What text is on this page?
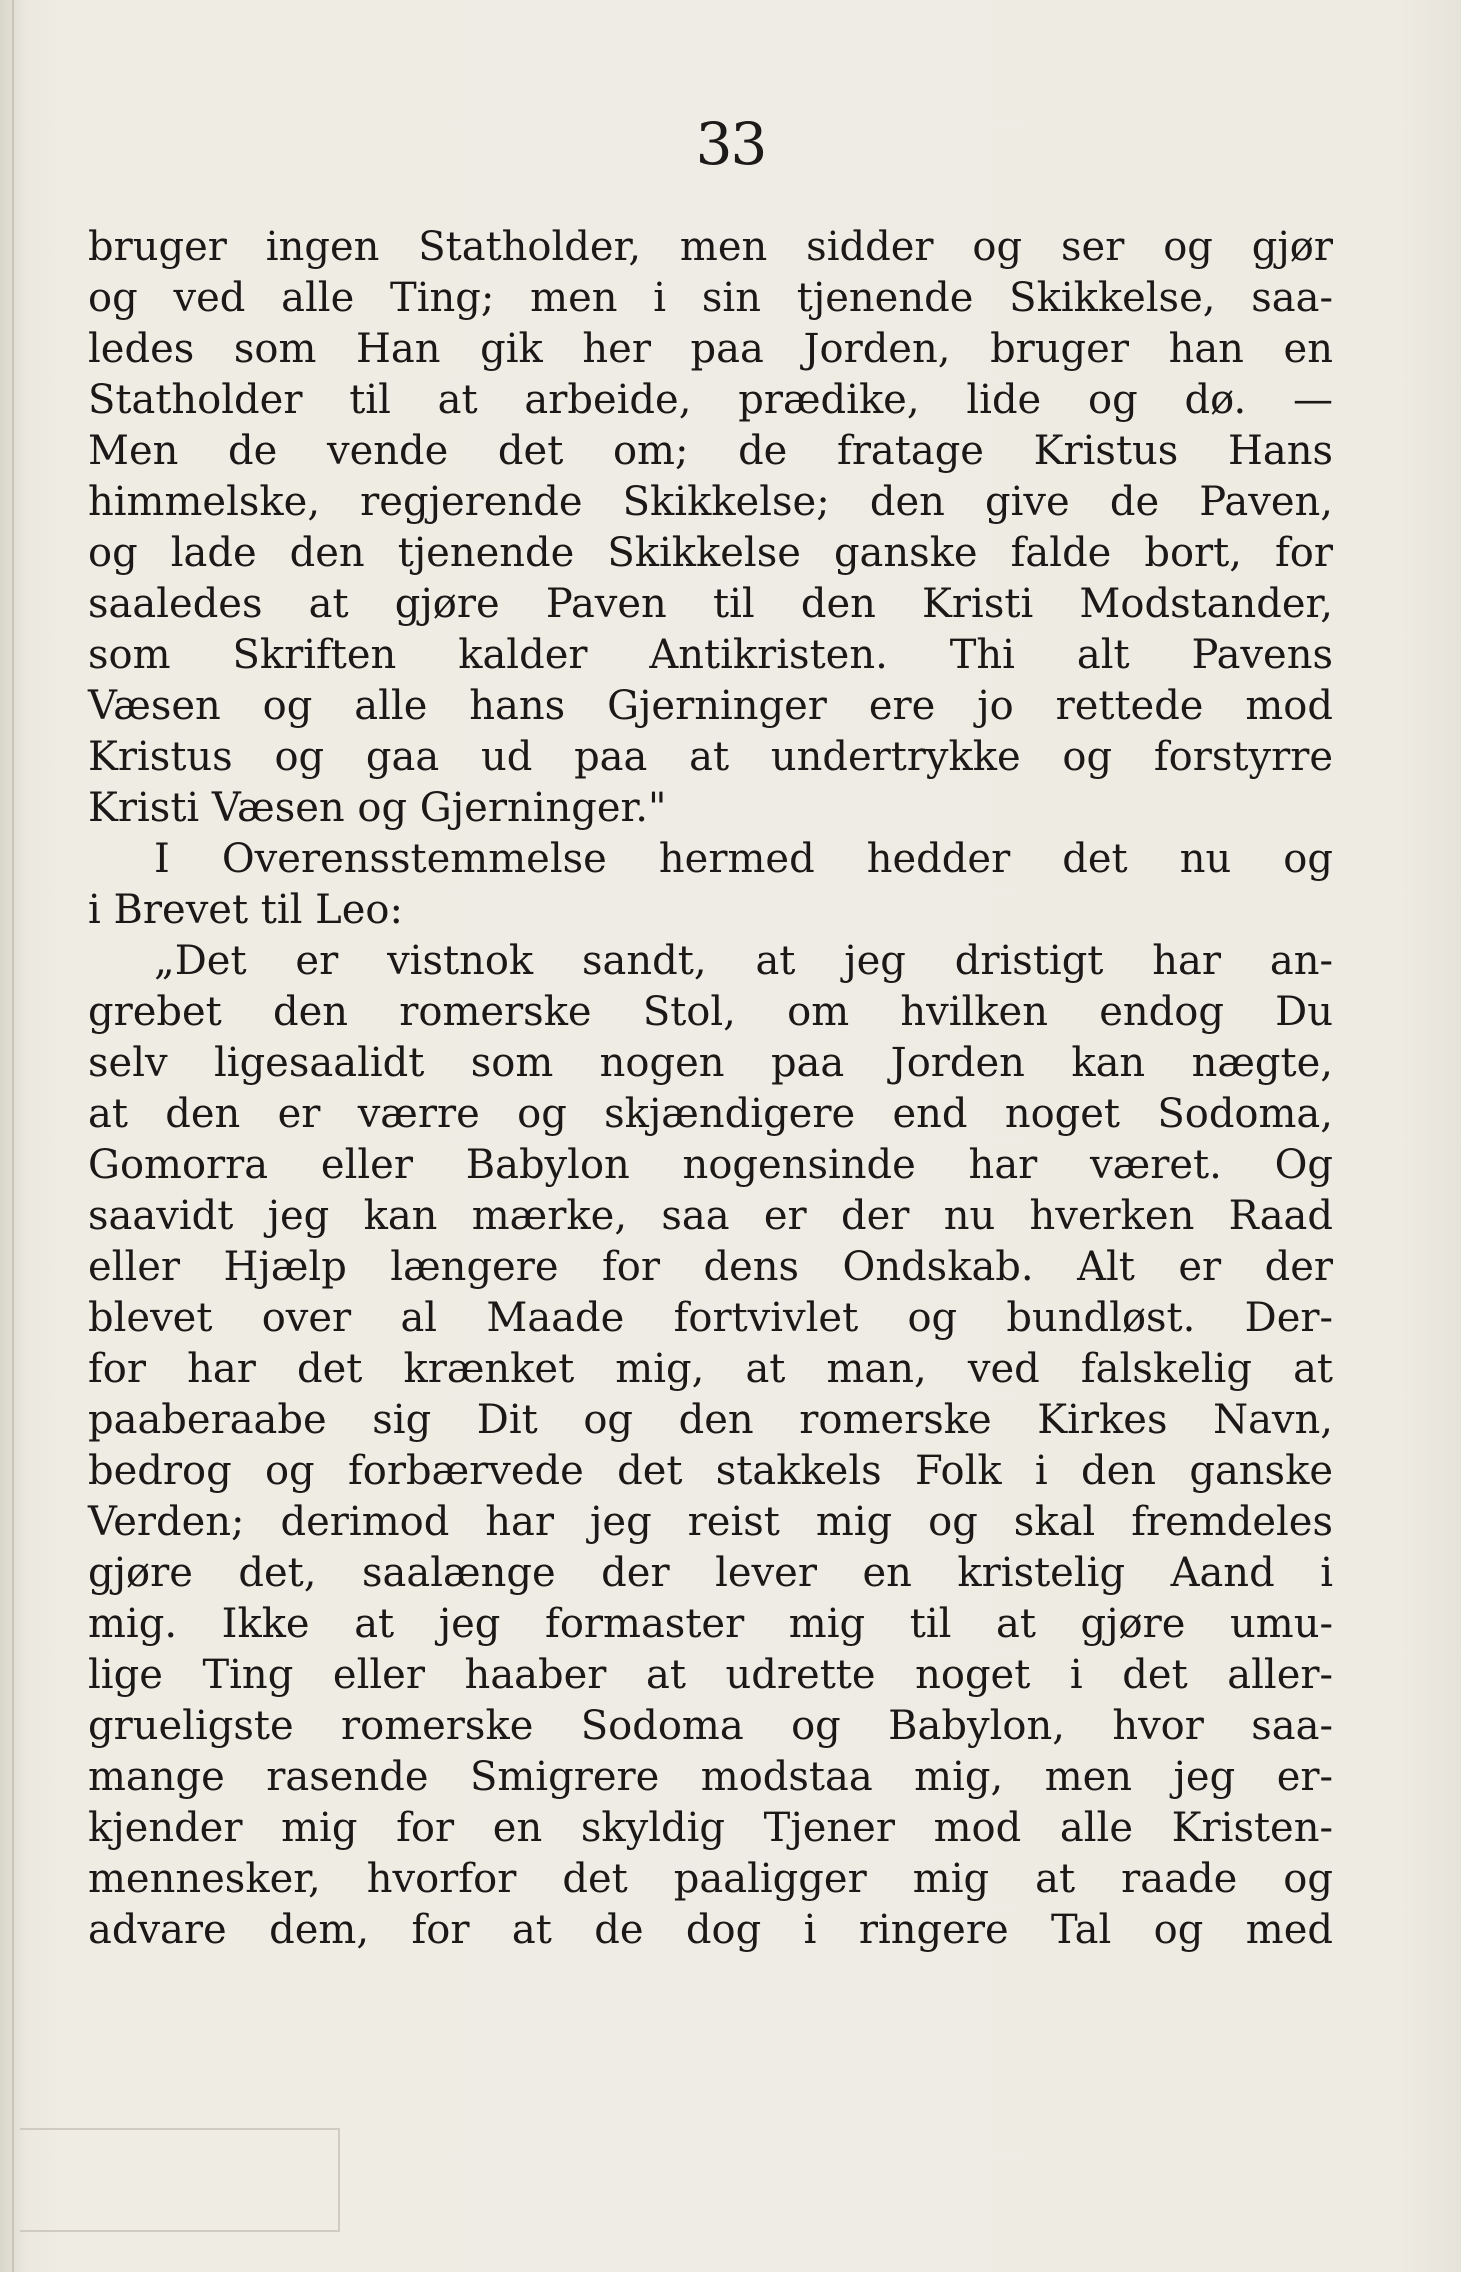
33
bruger ingen Statholder, men sidder og ser og gjør
og ved alle Ting; men i sin tjenende Skikkelse, saa-
ledes som Han gik her paa Jorden, bruger han en
Statholder til at arbeide, prædike, lide og dø. —
Men de vende det om; de fratage Kristus Hans
himmelske, regjerende Skikkelse; den give de Paven,
og lade den tjenende Skikkelse ganske falde bort, for
saaledes at gjøre Paven til den Kristi Modstander,
som Skriften kalder Antikristen. Thi alt Pavens
Væsen og alle hans Gjerninger ere jo rettede mod
Kristus og gaa ud paa at undertrykke og forstyrre
Kristi Væsen og Gjerninger."
I Overensstemmelse hermed hedder det nu og
i Brevet til Leo:
„Det er vistnok sandt, at jeg dristigt har an-
grebet den romerske Stol, om hvilken endog Du
selv ligesaalidt som nogen paa Jorden kan nægte,
at den er værre og skjændigere end noget Sodoma,
Gomorra eller Babylon nogensinde har været. Og
saavidt jeg kan mærke, saa er der nu hverken Raad
eller Hjælp længere for dens Ondskab. Alt er der
blevet over al Maade fortvivlet og bundløst. Der-
for har det krænket mig, at man, ved falskelig at
paaberaabe sig Dit og den romerske Kirkes Navn,
bedrog og forbærvede det stakkels Folk i den ganske
Verden; derimod har jeg reist mig og skal fremdeles
gjøre det, saalænge der lever en kristelig Aand i
mig. Ikke at jeg formaster mig til at gjøre umu-
lige Ting eller haaber at udrette noget i det aller-
grueligste romerske Sodoma og Babylon, hvor saa-
mange rasende Smigrere modstaa mig, men jeg er-
kjender mig for en skyldig Tjener mod alle Kristen-
mennesker, hvorfor det paaligger mig at raade og
advare dem, for at de dog i ringere Tal og med
